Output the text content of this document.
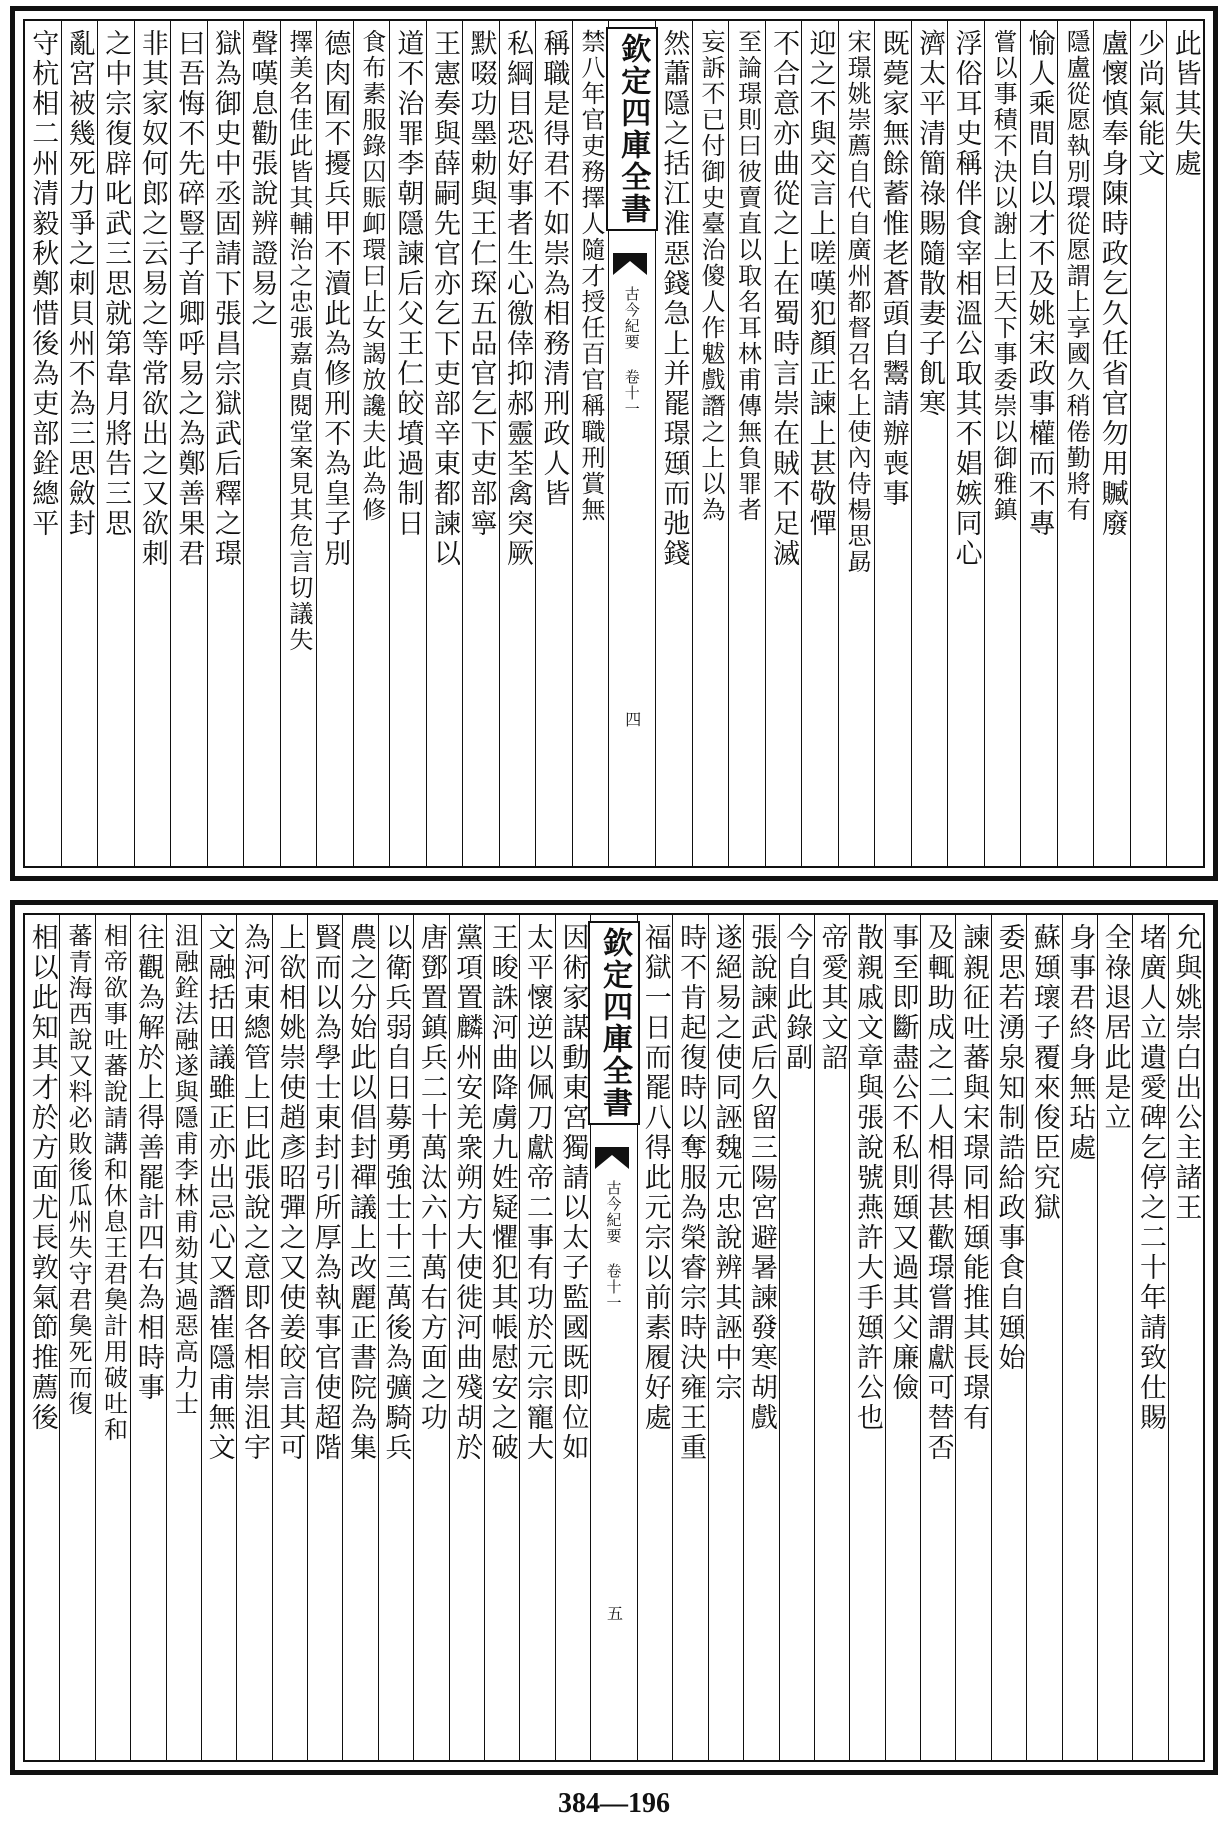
此皆其失處
少尚氣能文
盧懷慎奉身陳時政乞久任省官勿用贓廢
隱盧從愿執別環從愿謂上享國久稍倦勤將有
愉人乘間自以才不及姚宋政事權而不專
嘗以事積不決以謝上曰天下事委崇以御雅鎮
浮俗耳史稱伴食宰相溫公取其不娼嫉同心
濟太平清簡祿賜隨散妻子飢寒
既薨家無餘蓄惟老蒼頭自鬻請辦喪事
宋璟姚崇薦自代自廣州都督召名上使內侍楊思勗
迎之不與交言上嗟嘆犯顏正諫上甚敬憚
不合意亦曲從之上在蜀時言崇在賊不足滅
至論璟則曰彼賣直以取名耳林甫傳無負罪者
妄訴不已付御史臺治傻人作魃戲譖之上以為
然蕭隱之括江淮惡錢急上并罷璟頲而弛錢
欽定四庫全書
古今紀要 卷十一
四
禁八年官吏務擇人隨才授任百官稱職刑賞無
稱職是得君不如崇為相務清刑政人皆
私綱目恐好事者生心徼倖抑郝靈荃禽突厥
默啜功墨勅與王仁琛五品官乞下吏部寧
王憲奏與薛嗣先官亦乞下吏部辛東都諫以
道不治罪李朝隱諫后父王仁皎墳過制日
食布素服錄囚賑卹環曰止女謁放讒夫此為修
德肉囿不擾兵甲不瀆此為修刑不為皇子別
擇美名佳此皆其輔治之忠張嘉貞閱堂案見其危言切議失
聲嘆息勸張說辨證易之
獄為御史中丞固請下張昌宗獄武后釋之璟
曰吾悔不先碎豎子首卿呼易之為鄭善果君
非其家奴何郎之云易之等常欲出之又欲刺
之中宗復辟叱武三思就第韋月將告三思
亂宮被幾死力爭之刺貝州不為三思斂封
守杭相二州清毅秋鄭惜後為吏部銓總平
允與姚崇白出公主諸王
堵廣人立遺愛碑乞停之二十年請致仕賜
全祿退居此是立
身事君終身無玷處
蘇頲瓌子覆來俊臣究獄
委思若湧泉知制誥給政事食自頲始
諫親征吐蕃與宋璟同相頲能推其長璟有
及輒助成之二人相得甚歡璟嘗謂獻可替否
事至即斷盡公不私則頲又過其父廉儉
散親戚文章與張說號燕許大手頲許公也
帝愛其文詔
今自此錄副
張說諫武后久留三陽宮避暑諫發寒胡戲
遂絕易之使同誣魏元忠說辨其誣中宗
時不肯起復時以奪服為榮睿宗時決雍王重
福獄一日而罷八得此元宗以前素履好處
欽定四庫全書
古今紀要 卷十一
五
因術家謀動東宮獨請以太子監國既即位如
太平懷逆以佩刀獻帝二事有功於元宗寵大
王晙誅河曲降虜九姓疑懼犯其帳慰安之破
黨項置麟州安羌衆朔方大使徙河曲殘胡於
唐鄧置鎮兵二十萬汰六十萬右方面之功
以衛兵弱自日募勇強士十三萬後為彍騎兵
農之分始此以倡封禪議上改麗正書院為集
賢而以為學士東封引所厚為執事官使超階
上欲相姚崇使趙彥昭彈之又使姜皎言其可
為河東總管上曰此張說之意即各相崇沮宇
文融括田議雖正亦出忌心又譖崔隱甫無文
沮融銓法融遂與隱甫李林甫劾其過惡高力士
往觀為解於上得善罷計四右為相時事
相帝欲事吐蕃說請講和休息王君㚟計用破吐和
蕃青海西說又料必敗後瓜州失守君㚟死而復
相以此知其才於方面尤長敦氣節推薦後
384—196
